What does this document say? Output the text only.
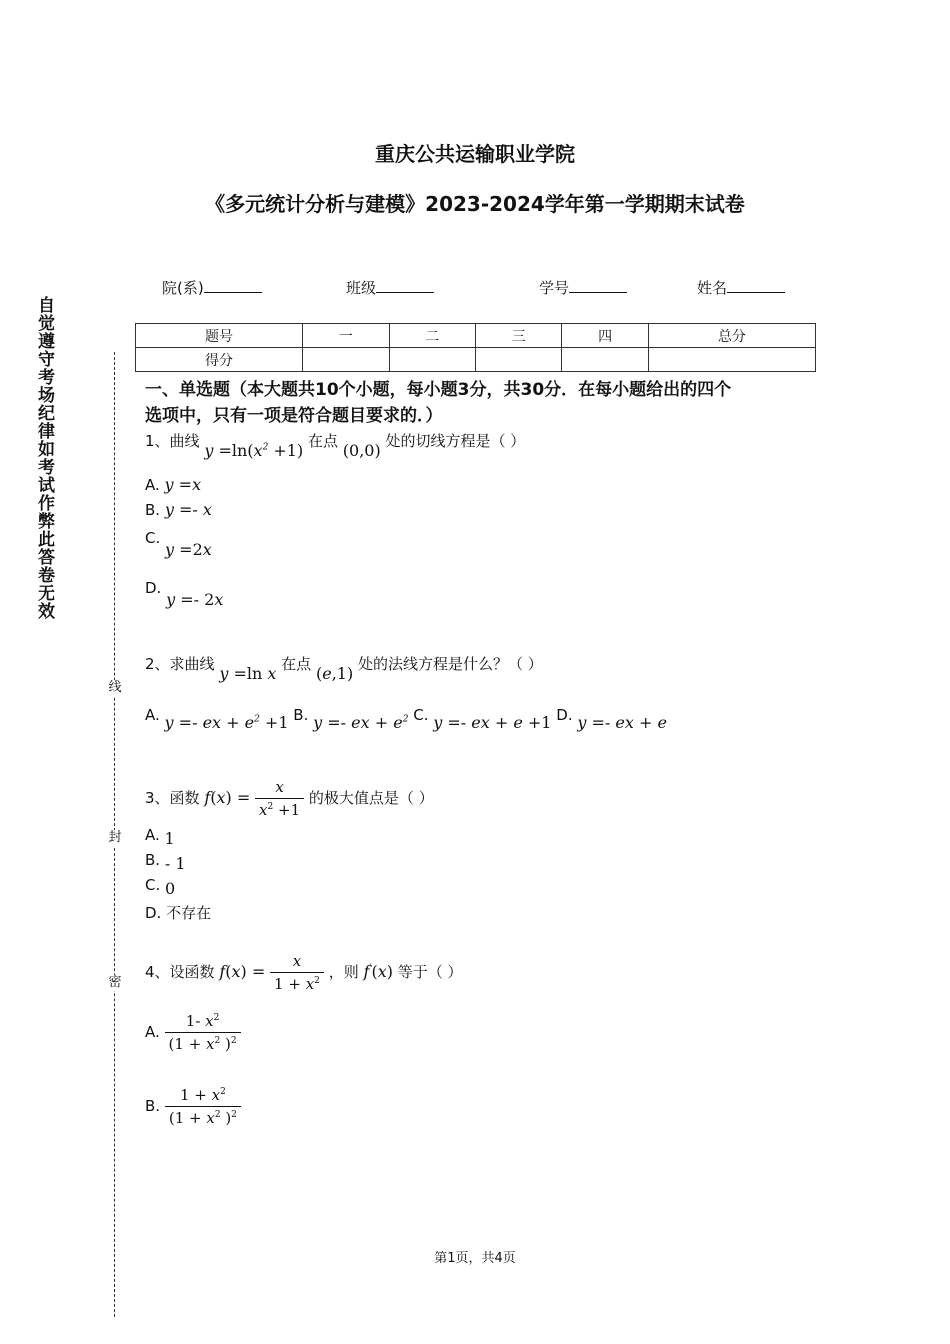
重庆公共运输职业学院
《多元统计分析与建模》2023-2024学年第一学期期末试卷
院(系)	班级	学号	姓名
自觉遵守考场纪律如考试作弊此答卷无效
线
封
密
题号	一	二	三	四	总分
得分					
一、单选题（本大题共10个小题，每小题3分，共30分．在每小题给出的四个
选项中，只有一项是符合题目要求的．）
1、曲线 $y =\ln(x^2 +1)$ 在点 (0,0) 处的切线方程是（ ）
A. y =x
B. y =- x
C. y =2x
D. y =- 2x
2、求曲线 y =ln x 在点 (e,1) 处的法线方程是什么？（ ）
A. y =- ex + $e^2 +1$ B. y =- ex + $e^2$ C. y =- ex + e +1 D. y =- ex + e
3、函数 $f(x) = \frac{x}{x^2 +1}$ 的极大值点是（ ）
A. 1
B. - 1
C. 0
D. 不存在
4、设函数 $f(x) = \frac{x}{1 + x^2}$ ，则 f′(x) 等于（ ）
A. $\frac{1- x^2}{(1 + x^2 )^2}$
B. $\frac{1 + x^2}{(1 + x^2 )^2}$
第1页，共4页
